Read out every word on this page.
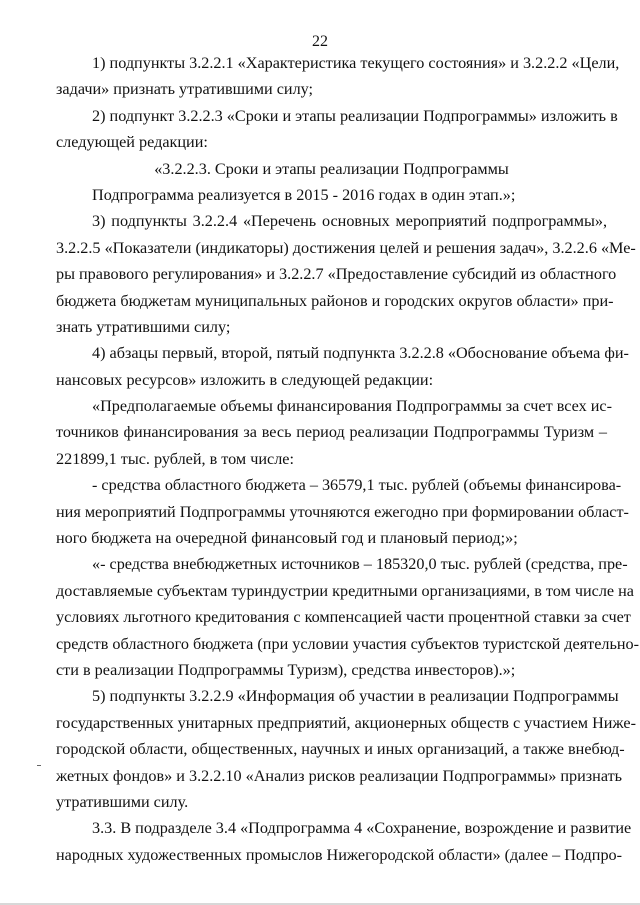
22
1) подпункты 3.2.2.1 «Характеристика текущего состояния» и 3.2.2.2 «Цели,
задачи» признать утратившими силу;
2) подпункт 3.2.2.3 «Сроки и этапы реализации Подпрограммы» изложить в
следующей редакции:
«3.2.2.3. Сроки и этапы реализации Подпрограммы
Подпрограмма реализуется в 2015 - 2016 годах в один этап.»;
3) подпункты 3.2.2.4 «Перечень основных мероприятий подпрограммы»,
3.2.2.5 «Показатели (индикаторы) достижения целей и решения задач», 3.2.2.6 «Ме-
ры правового регулирования» и 3.2.2.7 «Предоставление субсидий из областного
бюджета бюджетам муниципальных районов и городских округов области» при-
знать утратившими силу;
4) абзацы первый, второй, пятый подпункта 3.2.2.8 «Обоснование объема фи-
нансовых ресурсов» изложить в следующей редакции:
«Предполагаемые объемы финансирования Подпрограммы за счет всех ис-
точников финансирования за весь период реализации Подпрограммы Туризм –
221899,1 тыс. рублей, в том числе:
- средства областного бюджета – 36579,1 тыс. рублей (объемы финансирова-
ния мероприятий Подпрограммы уточняются ежегодно при формировании област-
ного бюджета на очередной финансовый год и плановый период;»;
«- средства внебюджетных источников – 185320,0 тыс. рублей (средства, пре-
доставляемые субъектам туриндустрии кредитными организациями, в том числе на
условиях льготного кредитования с компенсацией части процентной ставки за счет
средств областного бюджета (при условии участия субъектов туристской деятельно-
сти в реализации Подпрограммы Туризм), средства инвесторов).»;
5) подпункты 3.2.2.9 «Информация об участии в реализации Подпрограммы
государственных унитарных предприятий, акционерных обществ с участием Ниже-
городской области, общественных, научных и иных организаций, а также внебюд-
жетных фондов» и 3.2.2.10 «Анализ рисков реализации Подпрограммы» признать
утратившими силу.
3.3. В подразделе 3.4 «Подпрограмма 4 «Сохранение, возрождение и развитие
народных художественных промыслов Нижегородской области» (далее – Подпро-
